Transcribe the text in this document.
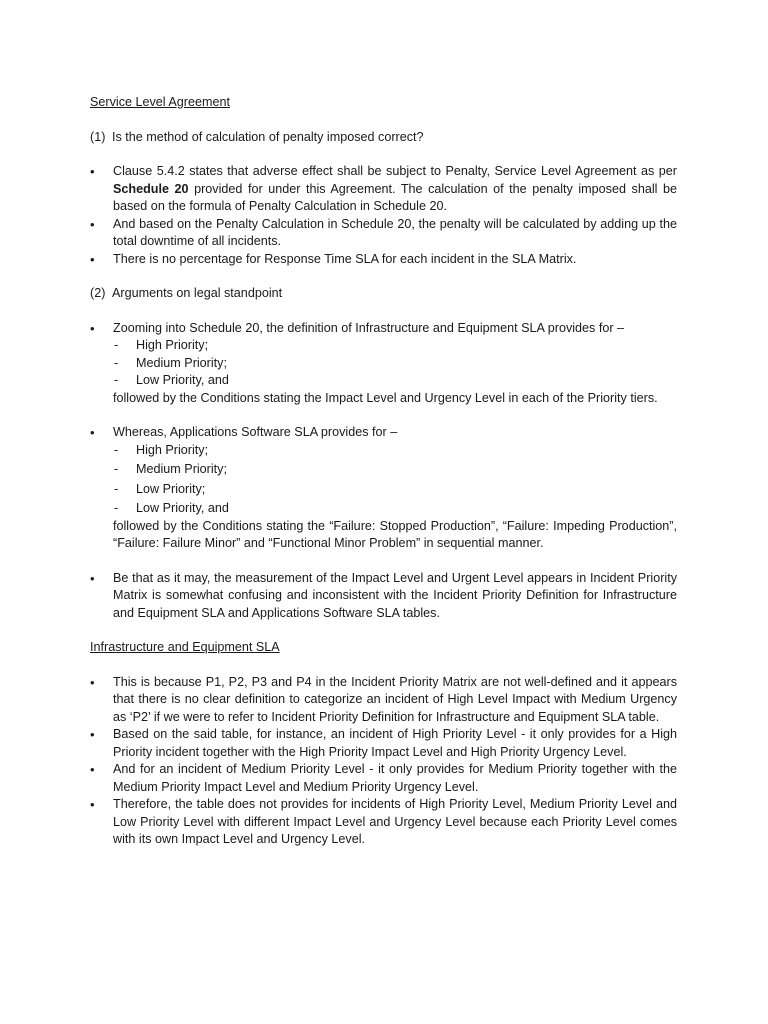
Service Level Agreement

(1) Is the method of calculation of penalty imposed correct?

• Clause 5.4.2 states that adverse effect shall be subject to Penalty, Service Level Agreement as per Schedule 20 provided for under this Agreement. The calculation of the penalty imposed shall be based on the formula of Penalty Calculation in Schedule 20.
• And based on the Penalty Calculation in Schedule 20, the penalty will be calculated by adding up the total downtime of all incidents.
• There is no percentage for Response Time SLA for each incident in the SLA Matrix.

(2) Arguments on legal standpoint

• Zooming into Schedule 20, the definition of Infrastructure and Equipment SLA provides for –
- High Priority;
- Medium Priority;
- Low Priority, and
followed by the Conditions stating the Impact Level and Urgency Level in each of the Priority tiers.
• Whereas, Applications Software SLA provides for –
- High Priority;
- Medium Priority;
- Low Priority;
- Low Priority, and
followed by the Conditions stating the “Failure: Stopped Production”, “Failure: Impeding Production”, “Failure: Failure Minor” and “Functional Minor Problem” in sequential manner.
• Be that as it may, the measurement of the Impact Level and Urgent Level appears in Incident Priority Matrix is somewhat confusing and inconsistent with the Incident Priority Definition for Infrastructure and Equipment SLA and Applications Software SLA tables.

Infrastructure and Equipment SLA

• This is because P1, P2, P3 and P4 in the Incident Priority Matrix are not well-defined and it appears that there is no clear definition to categorize an incident of High Level Impact with Medium Urgency as ‘P2’ if we were to refer to Incident Priority Definition for Infrastructure and Equipment SLA table.
• Based on the said table, for instance, an incident of High Priority Level - it only provides for a High Priority incident together with the High Priority Impact Level and High Priority Urgency Level.
• And for an incident of Medium Priority Level - it only provides for Medium Priority together with the Medium Priority Impact Level and Medium Priority Urgency Level.
• Therefore, the table does not provides for incidents of High Priority Level, Medium Priority Level and Low Priority Level with different Impact Level and Urgency Level because each Priority Level comes with its own Impact Level and Urgency Level.
